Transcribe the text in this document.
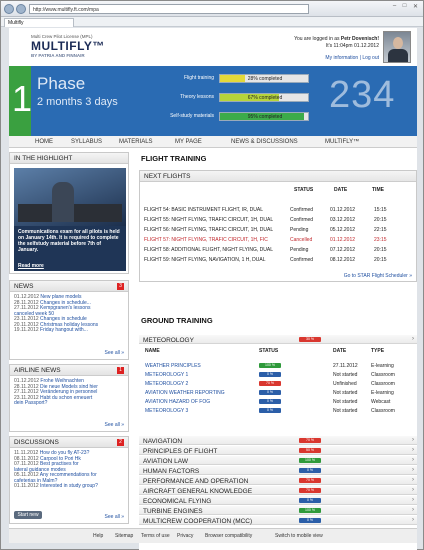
http://www.multifly.ft.com/mpa
–	□	✕
Multifly
Multi Crew Pilot License (MPL)
MULTIFLY™
BY PATRIA AND FINNAIR
You are logged in as Petr Dovenisch!
It's 11:04pm 01.12.2012
My information | Log out
1 Phase
2 months 3 days
Flight training	28% completed
Theory lessons	67% completed
Self-study materials	95% completed
234
HOME	SYLLABUS	MATERIALS	MY PAGE	NEWS & DISCUSSIONS	MULTIFLY™
IN THE HIGHLIGHT
Communications exam for all pilots is held on January 14th. It is required to complete the selfstudy material before 7th of January.
Read more
NEWS	3
01.12.2012 New plane models
28.11.2012 Changes in schedule...
27.11.2012 Kempgranen's lessons
canceled week 50
23.11.2012 Changes in schedule
20.11.2012 Christmas holiday lessons
19.11.2012 Friday hangout with...
See all »
AIRLINE NEWS	1
01.12.2012 Frohe Weihnachten
28.11.2012 Die neue Models sind hier
27.11.2012 Veränderung in personnel
23.11.2012 Habt du schon erneuert
dein Passport?
See all »
DISCUSSIONS	2
11.11.2012 How do you fly AT-23?
08.11.2012 Carpool to Pori Hk
07.11.2012 Best practises for
lateral guidance modes
05.11.2012 Any recommendations for
cafeterias in Malm?
01.11.2012 Interested in study group?
See all »
Start new
FLIGHT TRAINING
NEXT FLIGHTS
STATUS	DATE	TIME
FLIGHT 54: BASIC INSTRUMENT FLIGHT, IR, DUAL	Confirmed	01.12.2012	15:15
FLIGHT 55: NIGHT FLYING, TRAFIC CIRCUIT, 1H, DUAL	Confirmed	03.12.2012	20:15
FLIGHT 56: NIGHT FLYING, TRAFIC CIRCUIT, 1H, DUAL	Pending	05.12.2012	22:15
FLIGHT 57: NIGHT FLYING, TRAFIC CIRCUIT, 1H, FIC	Cancelled	01.12.2012	23:15
FLIGHT 58: ADDITIONAL FLIGHT, NIGHT FLYING, DUAL	Pending	07.12.2012	20:15
FLIGHT 59: NIGHT FLYING, NAVIGATION, 1 H, DUAL	Confirmed	08.12.2012	20:15
Go to STAR Flight Scheduler »
GROUND TRAINING
METEOROLOGY	30 %	›
NAME	STATUS	DATE	TYPE
WEATHER PRINCIPLES	100 %	27.11.2012	E-learning
METEOROLOGY 1	0 %	Not started	Classroom
METEOROLOGY 2	70 %	Unfinished	Classroom
AVIATION WEATHER REPORTING	0 %	Not started	E-learning
AVIATION HAZARD OF FOG	0 %	Not started	Webcast
METEOROLOGY 3	0 %	Not started	Classroom
NAVIGATION	70 %	›
PRINCIPLES OF FLIGHT	50 %	›
AVIATION LAW	100 %	›
HUMAN FACTORS	0 %	›
PERFORMANCE AND OPERATION	70 %	›
AIRCRAFT GENERAL KNOWLEDGE	70 %	›
ECONOMICAL FLYING	0 %	›
TURBINE ENGINES	100 %	›
MULTICREW COOPERATION (MCC)	0 %	›
Help Sitemap Terms of use Privacy Browser compatibility	Switch to mobile view
